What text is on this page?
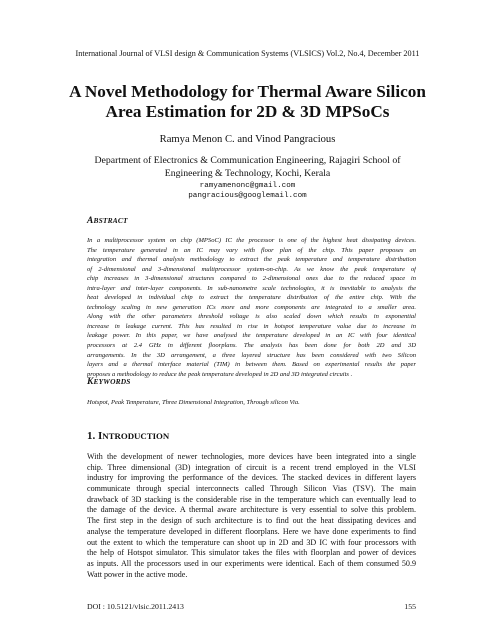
International Journal of VLSI design & Communication Systems (VLSICS) Vol.2, No.4, December 2011
A Novel Methodology for Thermal Aware Silicon
Area Estimation for 2D & 3D MPSoCs
Ramya Menon C. and Vinod Pangracious
Department of Electronics & Communication Engineering, Rajagiri School of
Engineering & Technology, Kochi, Kerala
ramyamenonc@gmail.com
pangracious@googlemail.com
ABSTRACT
In a multiprocessor system on chip (MPSoC) IC the processor is one of the highest heat dissipating devices.
The temperature generated in an IC may vary with floor plan of the chip. This paper proposes an
integration and thermal analysis methodology to extract the peak temperature and temperature distribution
of 2-dimensional and 3-dimensional multiprocessor system-on-chip. As we know the peak temperature of
chip increases in 3-dimensional structures compared to 2-dimensional ones due to the reduced space in
intra-layer and inter-layer components. In sub-nanometre scale technologies, it is inevitable to analysis the
heat developed in individual chip to extract the temperature distribution of the entire chip. With the
technology scaling in new generation ICs more and more components are integrated to a smaller area.
Along with the other parameters threshold voltage is also scaled down which results in exponential
increase in leakage current. This has resulted in rise in hotspot temperature value due to increase in
leakage power. In this paper, we have analysed the temperature developed in an IC with four identical
processors at 2.4 GHz in different floorplans. The analysis has been done for both 2D and 3D
arrangements. In the 3D arrangement, a three layered structure has been considered with two Silicon
layers and a thermal interface material (TIM) in between them. Based on experimental results the paper
proposes a methodology to reduce the peak temperature developed in 2D and 3D integrated circuits .
KEYWORDS
Hotspot, Peak Temperature, Three Dimensional Integration, Through silicon Via.
1. INTRODUCTION
With the development of newer technologies, more devices have been integrated into a single
chip. Three dimensional (3D) integration of circuit is a recent trend employed in the VLSI
industry for improving the performance of the devices. The stacked devices in different layers
communicate through special interconnects called Through Silicon Vias (TSV). The main
drawback of 3D stacking is the considerable rise in the temperature which can eventually lead to
the damage of the device. A thermal aware architecture is very essential to solve this problem.
The first step in the design of such architecture is to find out the heat dissipating devices and
analyse the temperature developed in different floorplans. Here we have done experiments to find
out the extent to which the temperature can shoot up in 2D and 3D IC with four processors with
the help of Hotspot simulator. This simulator takes the files with floorplan and power of devices
as inputs. All the processors used in our experiments were identical. Each of them consumed 50.9
Watt power in the active mode.
DOI : 10.5121/vlsic.2011.2413	155
